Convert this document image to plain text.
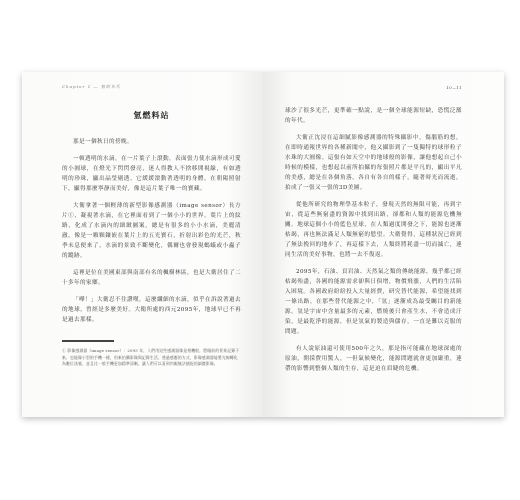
Chapter 1 — 氫的年代
氫燃料站

那是一個秋日的傍晚。

一頓透明的水滴，在一片葉子上滾動，表面張力使水滴形成可愛的小圓球，在燈光下閃閃發亮，迷人得教人不捨移開視線，有如透明的珍珠，顯出晶瑩剔透。它緩緩滾動著透明的身體，在朝陽照射下，顯得那麼寧靜而美好，像是這片葉子唯一的寶藏。

大衛拿著一個輕薄的新型影像感測器（image sensor）長方片①，凝視著水滴，在它裡面看到了一個小小的世界。葉片上的紋路，化成了水滴內的細緻圖案，總是有很多的小小水滴，美麗清澈，像是一顆顆鑲嵌在葉片上的五光寶石，折射出彩色的光芒，秋季未息便來了，水滴的景致不斷變化，偶爾也會發現螞蟻或小蟲子的蹤跡。

這裡是位在美國東部與南部有名的楓樹林區，也是大衛居住了二十多年的家鄉。

「嘩！」大衛忍不住讚嘆，這麼纖細的水滴，似乎在訴說著過去的地球，曾經是多麼美好。大衛所處的西元2095年，地球早已不再是過去那樣。

① 影像感測器（image sensor）：2095 年，人們用這些感測器像是相機般，將眼前的景象記錄下來，也能像小型的手機一樣，用來拍攝影像與記錄生活。透過感應的方式，影像感測器能將光線轉化為數位訊號，並且比一般手機更加精準清晰，讓人們可以看到肉眼無法捕捉的細微影像。
10—11

球沙了很多光芒，更準確一點說，是一個全球能源短缺，恐慌泛濫的年代。

大衛正沈浸在這細膩影像感測器的特殊攝影中，傷腦筋的想，在即時通報世界的各種新聞中，他又攝影到了一隻獨特的球形粒子水珠的大圓像。這張有如天空中的地球般的影像，讓他想起自己小時候的模樣，也想起以前所拍攝的每張照片都是平凡的，顯出平凡的美感，總是在各個角落，各自有各自的樣子，隨著時光而流逝，拍成了一張又一張的3D美圖。

從他所研究的物理學基本粒子，發現天然的無限可能，再到宇宙，從這些無窮盡的資源中找到出路，卻都和人類的能源危機無關。地球這個小小的藍色星球，在人類過度開發之下，能源也逐漸枯竭，再也無法滿足人類無窮的慾望。大衛覺得，這種狀況已經到了無法挽回的地步了，再這樣下去，人類終將耗盡一切而滅亡，連同生活的美好事物，也將一去不復返。

2095年，石油、頁岩油、天然氣之類的傳統能源，幾乎都已經枯竭殆盡，各國的能源需求卻與日俱增，物價飛漲，人們的生活陷入困境。各國政府紛紛投入大量經費，研究替代能源，希望能找到一條出路。在那些替代能源之中，「氫」逐漸成為最受矚目的新能源。氫是宇宙中含量最多的元素，燃燒後只會產生水，不會造成汙染，是最乾淨的能源，但是氫氣的製造與儲存，一直是難以克服的問題。

有人說原油還可使用500年之久，那是指可能藏在地球深處的原油，開採費用驚人，一但氣候變化，能源問題就會更加嚴重，連帶的影響到整個人類的生存，這是迫在眉睫的危機。
